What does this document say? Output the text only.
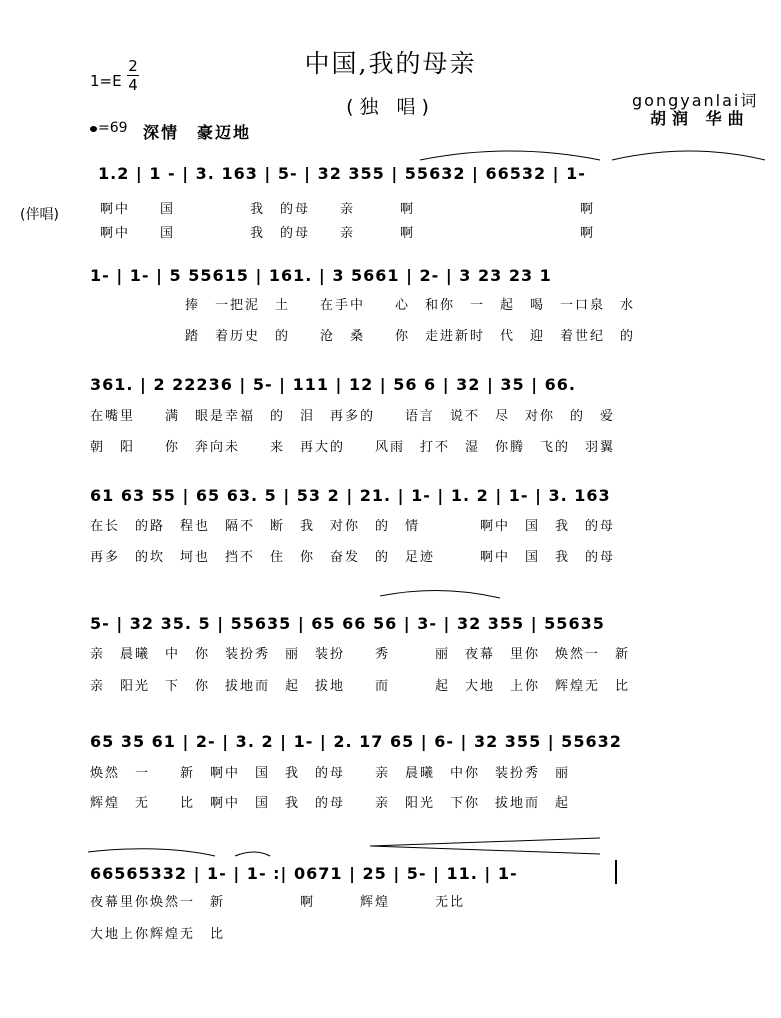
中国,我的母亲
(独 唱)
1=E
2
4
=69 深情　豪迈地
gongyanlai词
胡润 华曲
(伴唱)
1.2 | 1 - | 3. 163 | 5- | 32 355 | 55632 | 66532 | 1-
啊中　　国　　　　　我　的母　　亲　　　啊　　　　　　　　　　　啊
啊中　　国　　　　　我　的母　　亲　　　啊　　　　　　　　　　　啊
1- | 1- | 5 55615 | 161. | 3 5661 | 2- | 3 23 23 1
捧　一把泥　土　　在手中　　心　和你　一　起　喝　一口泉　水
踏　着历史　的　　沧　桑　　你　走进新时　代　迎　着世纪　的
361. | 2 22236 | 5- | 111 | 12 | 56 6 | 32 | 35 | 66.
在嘴里　　满　眼是幸福　的　泪　再多的　　语言　说不　尽　对你　的　爱
朝　阳　　你　奔向未　　来　再大的　　风雨　打不　湿　你腾　飞的　羽翼
61 63 55 | 65 63. 5 | 53 2 | 21. | 1- | 1. 2 | 1- | 3. 163
在长　的路　程也　隔不　断　我　对你　的　情　　　　啊中　国　我　的母
再多　的坎　坷也　挡不　住　你　奋发　的　足迹　　　啊中　国　我　的母
5- | 32 35. 5 | 55635 | 65 66 56 | 3- | 32 355 | 55635
亲　晨曦　中　你　装扮秀　丽　装扮　　秀　　　丽　夜幕　里你　焕然一　新
亲　阳光　下　你　拔地而　起　拔地　　而　　　起　大地　上你　辉煌无　比
65 35 61 | 2- | 3. 2 | 1- | 2. 17 65 | 6- | 32 355 | 55632
焕然　一　　新　啊中　国　我　的母　　亲　晨曦　中你　装扮秀　丽
辉煌　无　　比　啊中　国　我　的母　　亲　阳光　下你　拔地而　起
66565332 | 1- | 1- :| 0671 | 25 | 5- | 11. | 1-
夜幕里你焕然一　新　　　　　啊　　　辉煌　　　无比
大地上你辉煌无　比
